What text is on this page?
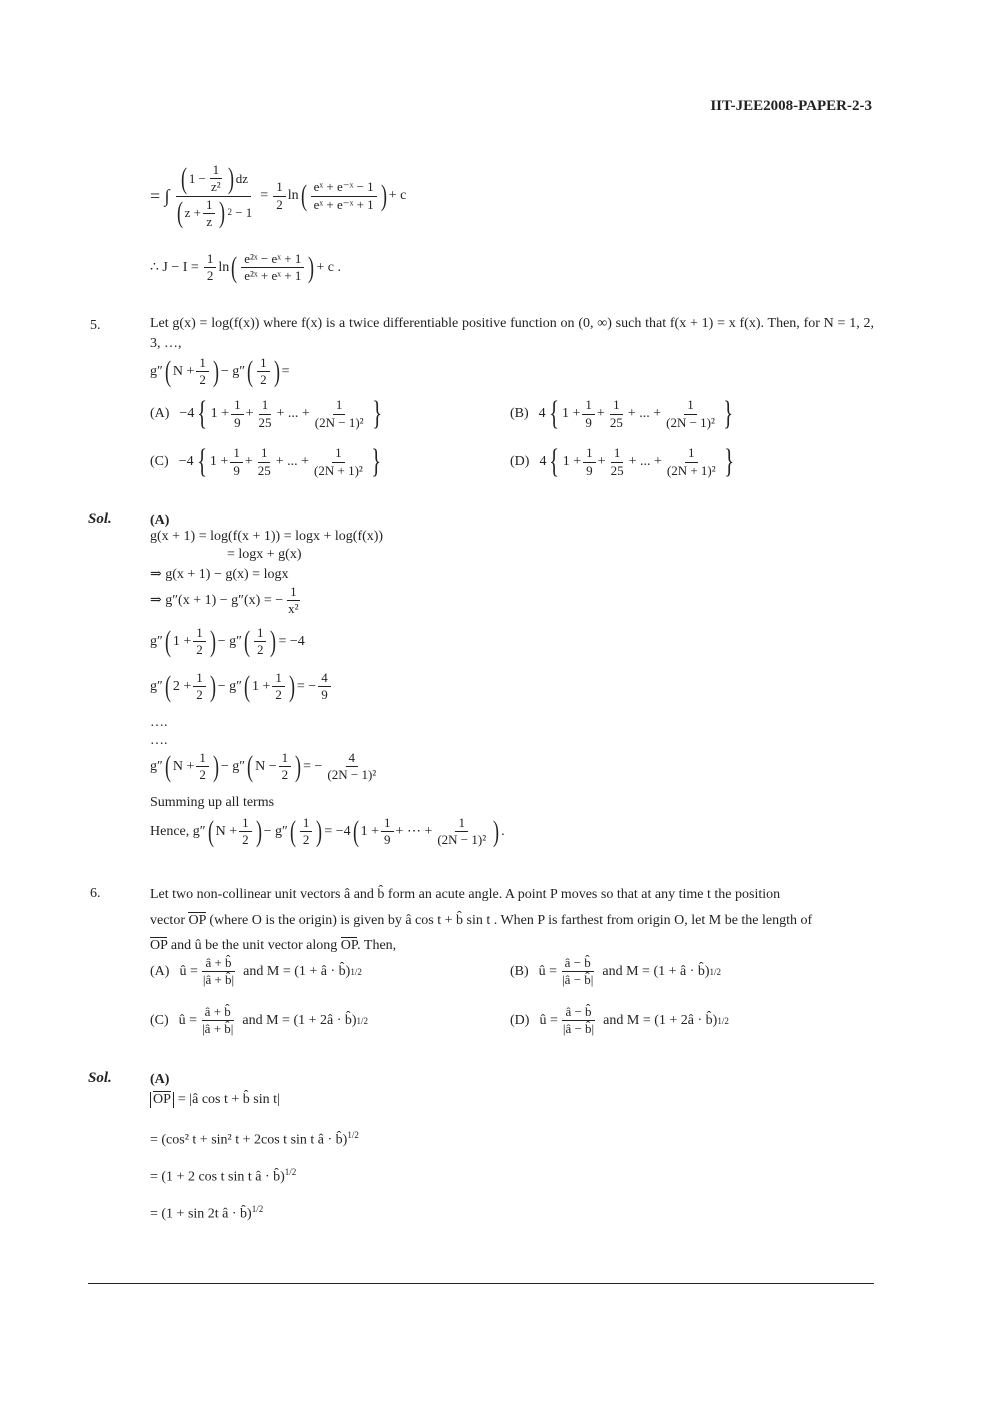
IIT-JEE2008-PAPER-2-3
= ∫ ( $1 - \frac{1}{\text{z²}}$ ) dz
( $z + \frac{1}{z}$ ) 2
− $1 = \frac{1}{2}$ ln ( $\frac{\text{eˣ + e⁻ˣ − 1}}{\text{eˣ + e⁻ˣ + 1}}$ ) + c
∴ $J - I = \frac{1}{2}$ ln ( $\frac{\text{e²ˣ − eˣ + 1}}{\text{e²ˣ + eˣ + 1}}$ ) + c .
5.	Let g(x) = log(f(x)) where f(x) is a twice differentiable positive function on (0, ∞) such that f(x + 1) = x f(x). Then, for N = 1, 2, 3, …,
g″ ( $N + \frac{1}{2}$ ) − g″ ( $\frac{1}{2}$ ) =
(A) −4 { $1 + \frac{1}{9} + \frac{1}{25}$ + ... + $\frac{1}{\text{(2N − 1)²}}$ }	(B) 4 { $1 + \frac{1}{9} + \frac{1}{25}$ + ... + $\frac{1}{\text{(2N − 1)²}}$ }
(C) −4 { $1 + \frac{1}{9} + \frac{1}{25}$ + ... + $\frac{1}{\text{(2N + 1)²}}$ }	(D) 4 { $1 + \frac{1}{9} + \frac{1}{25}$ + ... + $\frac{1}{\text{(2N + 1)²}}$ }
Sol.	(A)
g(x + 1) = log(f(x + 1)) = logx + log(f(x))
= logx + g(x)
⇒ g(x + 1) − g(x) = logx
⇒ g″(x + 1) − g″(x) = − $\frac{1}{\text{x²}}$
g″ ( $1 + \frac{1}{2}$ ) − g″ ( $\frac{1}{2}$ ) = −4
g″ ( $2 + \frac{1}{2}$ ) − g″ ( $1 + \frac{1}{2}$ ) = − $\frac{4}{9}$
….
….
g″ ( $N + \frac{1}{2}$ ) − g″ ( $N - \frac{1}{2}$ ) = − $\frac{4}{\text{(2N − 1)²}}$
Summing up all terms
Hence, g″ ( $N + \frac{1}{2}$ ) − g″ ( $\frac{1}{2}$ ) = −4 ( $1 + \frac{1}{9}$ + ⋯ + $\frac{1}{\text{(2N − 1)²}}$ ) .
6.	Let two non-collinear unit vectors â and b̂ form an acute angle. A point P moves so that at any time t the position
vector OP (where O is the origin) is given by â cos t + b̂ sin t . When P is farthest from origin O, let M be the length of
OP and û be the unit vector along OP. Then,
(A) û = $\frac{â + b̂}{|â + b̂|}$ and M = (1 + â · b̂) 1/2	(B) û = $\frac{â - b̂}{|â - b̂|}$ and M = (1 + â · b̂) 1/2
(C) û = $\frac{â + b̂}{|â + b̂|}$ and M = (1 + 2â · b̂) 1/2	(D) û = $\frac{â - b̂}{|â - b̂|}$ and M = (1 + 2â · b̂) 1/2
Sol.	(A)
OP = |â cos t + b̂ sin t|
= (cos² t + sin² t + 2cos t sin t â · b̂)$^{1/2}$
= (1 + 2 cos t sin t â · b̂)$^{1/2}$
= (1 + sin 2t â · b̂)$^{1/2}$
